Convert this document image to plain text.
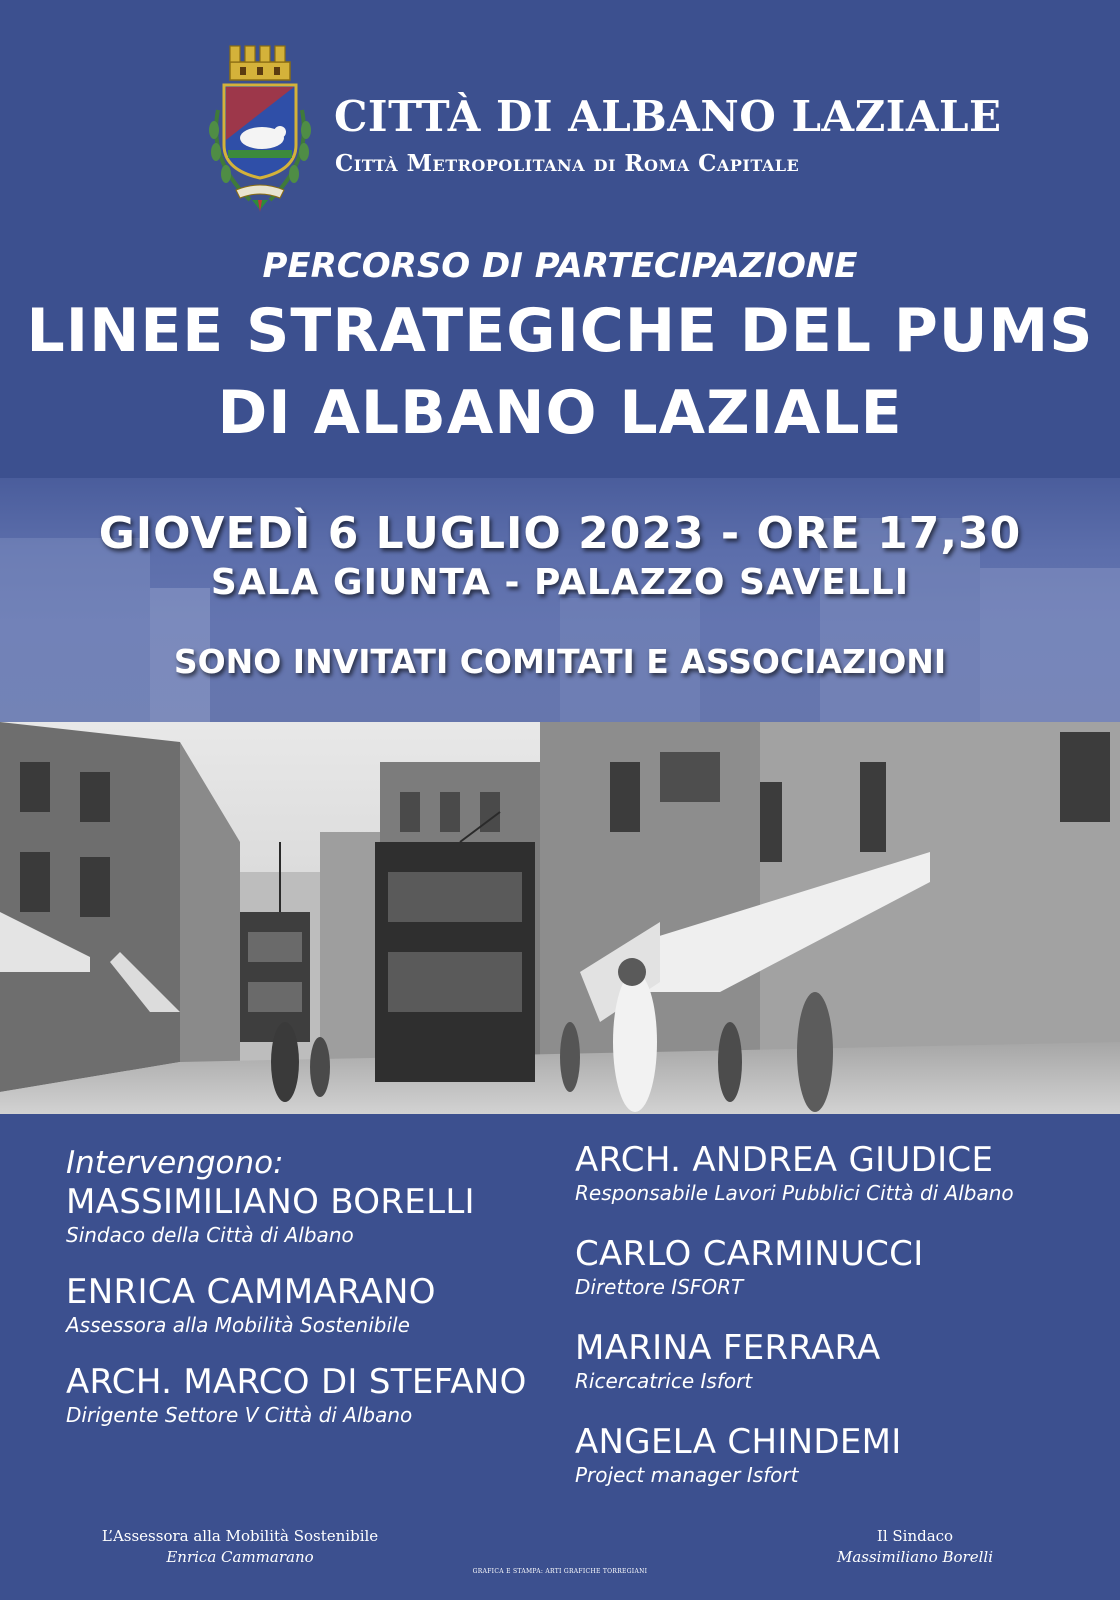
CITTÀ DI ALBANO LAZIALE
Città Metropolitana di Roma Capitale
PERCORSO DI PARTECIPAZIONE
LINEE STRATEGICHE DEL PUMS
DI ALBANO LAZIALE
GIOVEDÌ 6 LUGLIO 2023 - ORE 17,30
SALA GIUNTA - PALAZZO SAVELLI
SONO INVITATI COMITATI E ASSOCIAZIONI
Intervengono:
MASSIMILIANO BORELLI
Sindaco della Città di Albano
ENRICA CAMMARANO
Assessora alla Mobilità Sostenibile
ARCH. MARCO DI STEFANO
Dirigente Settore V Città di Albano
ARCH. ANDREA GIUDICE
Responsabile Lavori Pubblici Città di Albano
CARLO CARMINUCCI
Direttore ISFORT
MARINA FERRARA
Ricercatrice Isfort
ANGELA CHINDEMI
Project manager Isfort
L’Assessora alla Mobilità Sostenibile
Enrica Cammarano
Il Sindaco
Massimiliano Borelli
GRAFICA E STAMPA: ARTI GRAFICHE TORREGIANI
